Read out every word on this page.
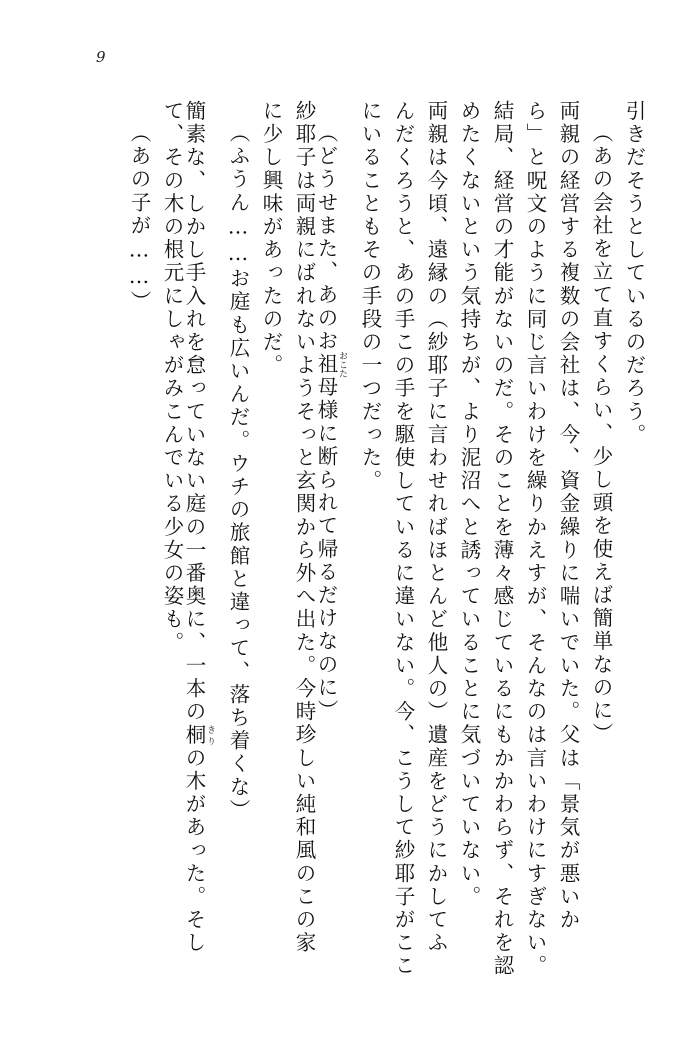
9
引きだそうとしているのだろう。
（あの会社を立て直すくらい、少し頭を使えば簡単なのに）
両親の経営する複数の会社は、今、資金繰りに喘いでいた。父は「景気が悪いか
ら」と呪文のように同じ言いわけを繰りかえすが、そんなのは言いわけにすぎない。
結局、経営の才能がないのだ。そのことを薄々感じているにもかかわらず、それを認
めたくないという気持ちが、より泥沼へと誘っていることに気づいていない。
両親は今頃、遠縁の（紗耶子に言わせればほとんど他人の）遺産をどうにかしてふ
んだくろうと、あの手この手を駆使しているに違いない。今、こうして紗耶子がここ
にいることもその手段の一つだった。
（どうせまた、あのお祖 おこた母様に断られて帰るだけなのに）
紗耶子は両親にばれないようそっと玄関から外へ出た。今時珍しい純和風のこの家
に少し興味があったのだ。
（ふうん……お庭も広いんだ。ウチの旅館と違って、落ち着くな）
簡素な、しかし手入れを怠っていない庭の一番奥に、一本の桐 きりの木があった。そし
て、その木の根元にしゃがみこんでいる少女の姿も。
（あの子が……）
